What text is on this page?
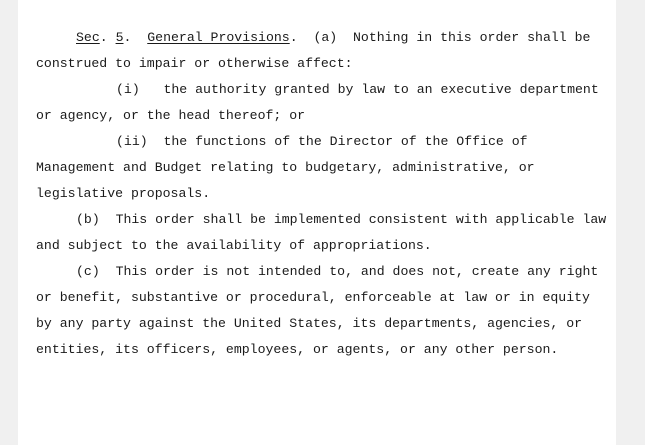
Sec. 5.  General Provisions.  (a)  Nothing in this order shall be

construed to impair or otherwise affect:

(i)   the authority granted by law to an executive department

or agency, or the head thereof; or

(ii)  the functions of the Director of the Office of

Management and Budget relating to budgetary, administrative, or

legislative proposals.

(b)  This order shall be implemented consistent with applicable law

and subject to the availability of appropriations.

(c)  This order is not intended to, and does not, create any right

or benefit, substantive or procedural, enforceable at law or in equity

by any party against the United States, its departments, agencies, or

entities, its officers, employees, or agents, or any other person.
